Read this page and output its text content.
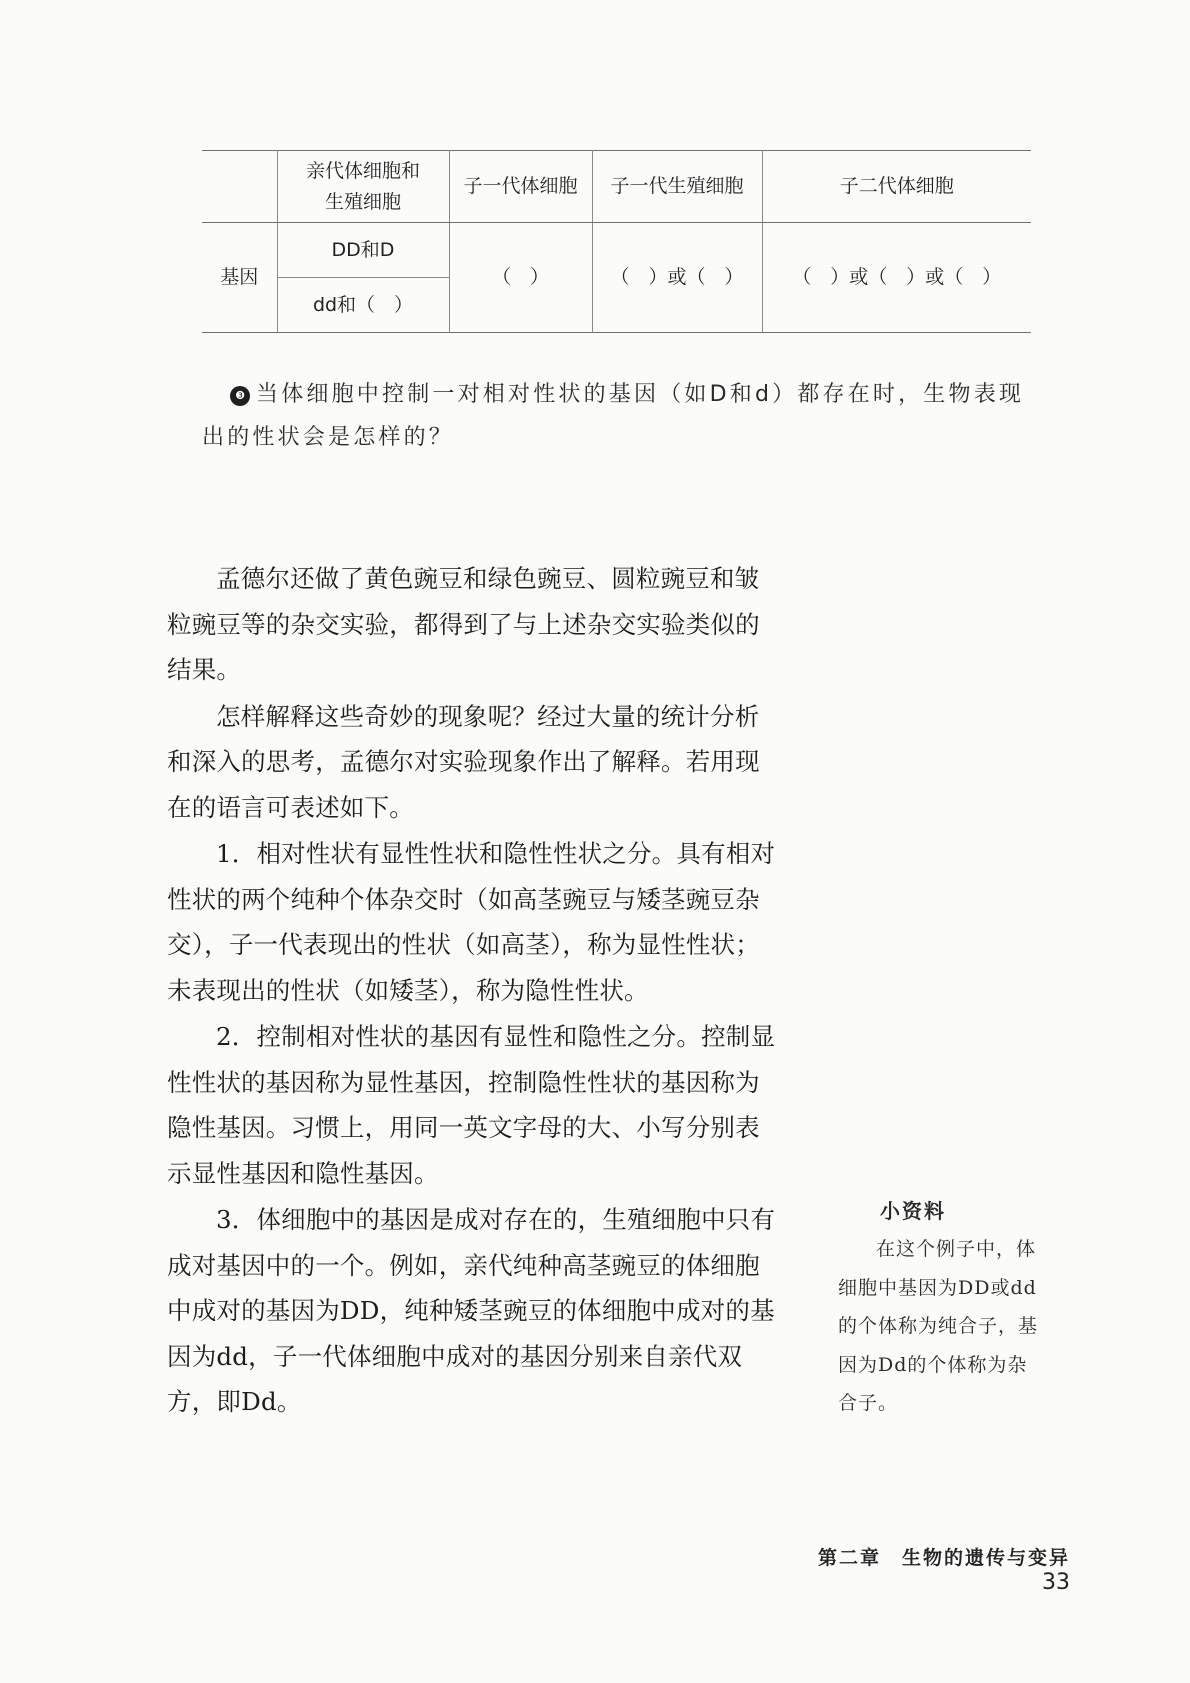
	亲代体细胞和
生殖细胞	子一代体细胞	子一代生殖细胞	子二代体细胞
基因	DD和D	（　）	（　）或（　）	（　）或（　）或（　）
	dd和（　）			
❸ 当体细胞中控制一对相对性状的基因（如D和d）都存在时，生物表现出的性状会是怎样的？

孟德尔还做了黄色豌豆和绿色豌豆、圆粒豌豆和皱粒豌豆等的杂交实验，都得到了与上述杂交实验类似的结果。

怎样解释这些奇妙的现象呢？经过大量的统计分析和深入的思考，孟德尔对实验现象作出了解释。若用现在的语言可表述如下。

1．相对性状有显性性状和隐性性状之分。具有相对性状的两个纯种个体杂交时（如高茎豌豆与矮茎豌豆杂交），子一代表现出的性状（如高茎），称为显性性状；未表现出的性状（如矮茎），称为隐性性状。

2．控制相对性状的基因有显性和隐性之分。控制显性性状的基因称为显性基因，控制隐性性状的基因称为隐性基因。习惯上，用同一英文字母的大、小写分别表示显性基因和隐性基因。

3．体细胞中的基因是成对存在的，生殖细胞中只有成对基因中的一个。例如，亲代纯种高茎豌豆的体细胞中成对的基因为DD，纯种矮茎豌豆的体细胞中成对的基因为dd，子一代体细胞中成对的基因分别来自亲代双方，即Dd。

小资料

在这个例子中，体细胞中基因为DD或dd的个体称为纯合子，基因为Dd的个体称为杂合子。

第二章　生物的遗传与变异33
